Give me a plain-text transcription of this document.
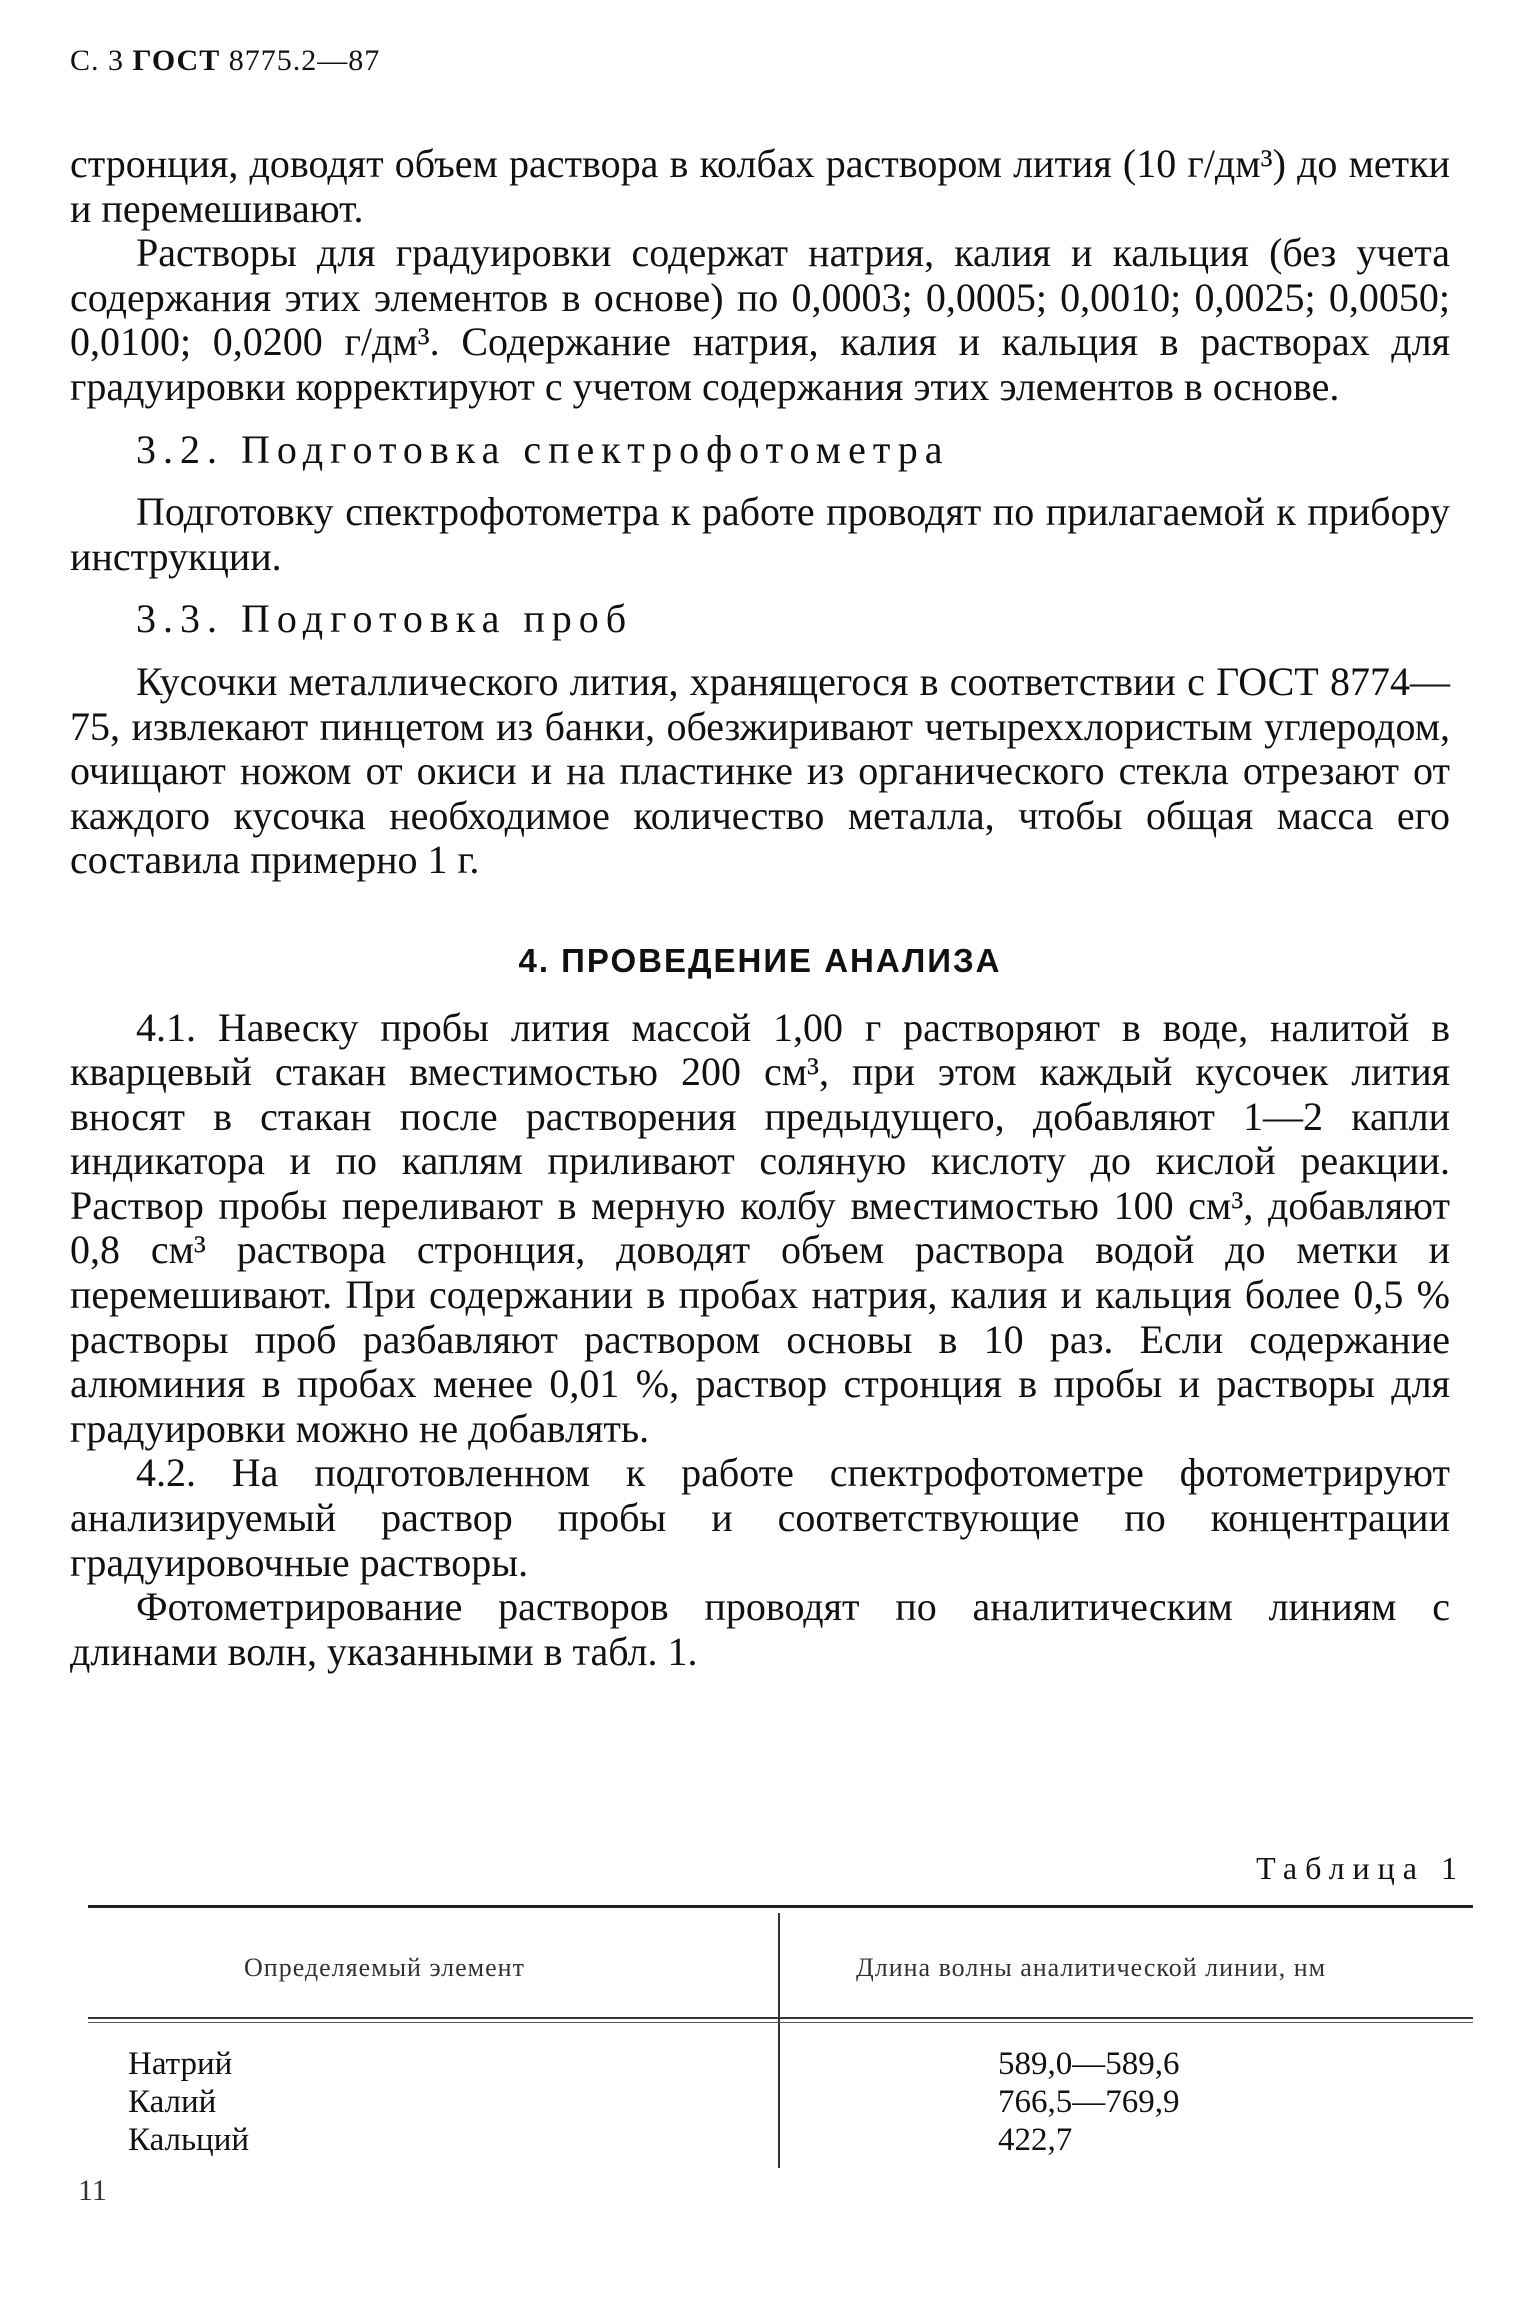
С. 3 ГОСТ 8775.2—87

стронция, доводят объем раствора в колбах раствором лития (10 г/дм³) до метки и перемешивают.

Растворы для градуировки содержат натрия, калия и кальция (без учета содержания этих элементов в основе) по 0,0003; 0,0005; 0,0010; 0,0025; 0,0050; 0,0100; 0,0200 г/дм³. Содержание натрия, калия и кальция в растворах для градуировки корректируют с учетом содержания этих элементов в основе.

3.2. Подготовка спектрофотометра

Подготовку спектрофотометра к работе проводят по прилагаемой к прибору инструкции.

3.3. Подготовка проб

Кусочки металлического лития, хранящегося в соответствии с ГОСТ 8774—75, извлекают пинцетом из банки, обезжиривают четыреххлористым углеродом, очищают ножом от окиси и на пластинке из органического стекла отрезают от каждого кусочка необходимое количество металла, чтобы общая масса его составила примерно 1 г.

4. ПРОВЕДЕНИЕ АНАЛИЗА

4.1. Навеску пробы лития массой 1,00 г растворяют в воде, налитой в кварцевый стакан вместимостью 200 см³, при этом каждый кусочек лития вносят в стакан после растворения предыдущего, добавляют 1—2 капли индикатора и по каплям приливают соляную кислоту до кислой реакции. Раствор пробы переливают в мерную колбу вместимостью 100 см³, добавляют 0,8 см³ раствора стронция, доводят объем раствора водой до метки и перемешивают. При содержании в пробах натрия, калия и кальция более 0,5 % растворы проб разбавляют раствором основы в 10 раз. Если содержание алюминия в пробах менее 0,01 %, раствор стронция в пробы и растворы для градуировки можно не добавлять.

4.2. На подготовленном к работе спектрофотометре фотометрируют анализируемый раствор пробы и соответствующие по концентрации градуировочные растворы.

Фотометрирование растворов проводят по аналитическим линиям с длинами волн, указанными в табл. 1.

Таблица 1
Определяемый элемент	Длина волны аналитической линии, нм
Натрий
Калий
Кальций
589,0—589,6
766,5—769,9
422,7
11
